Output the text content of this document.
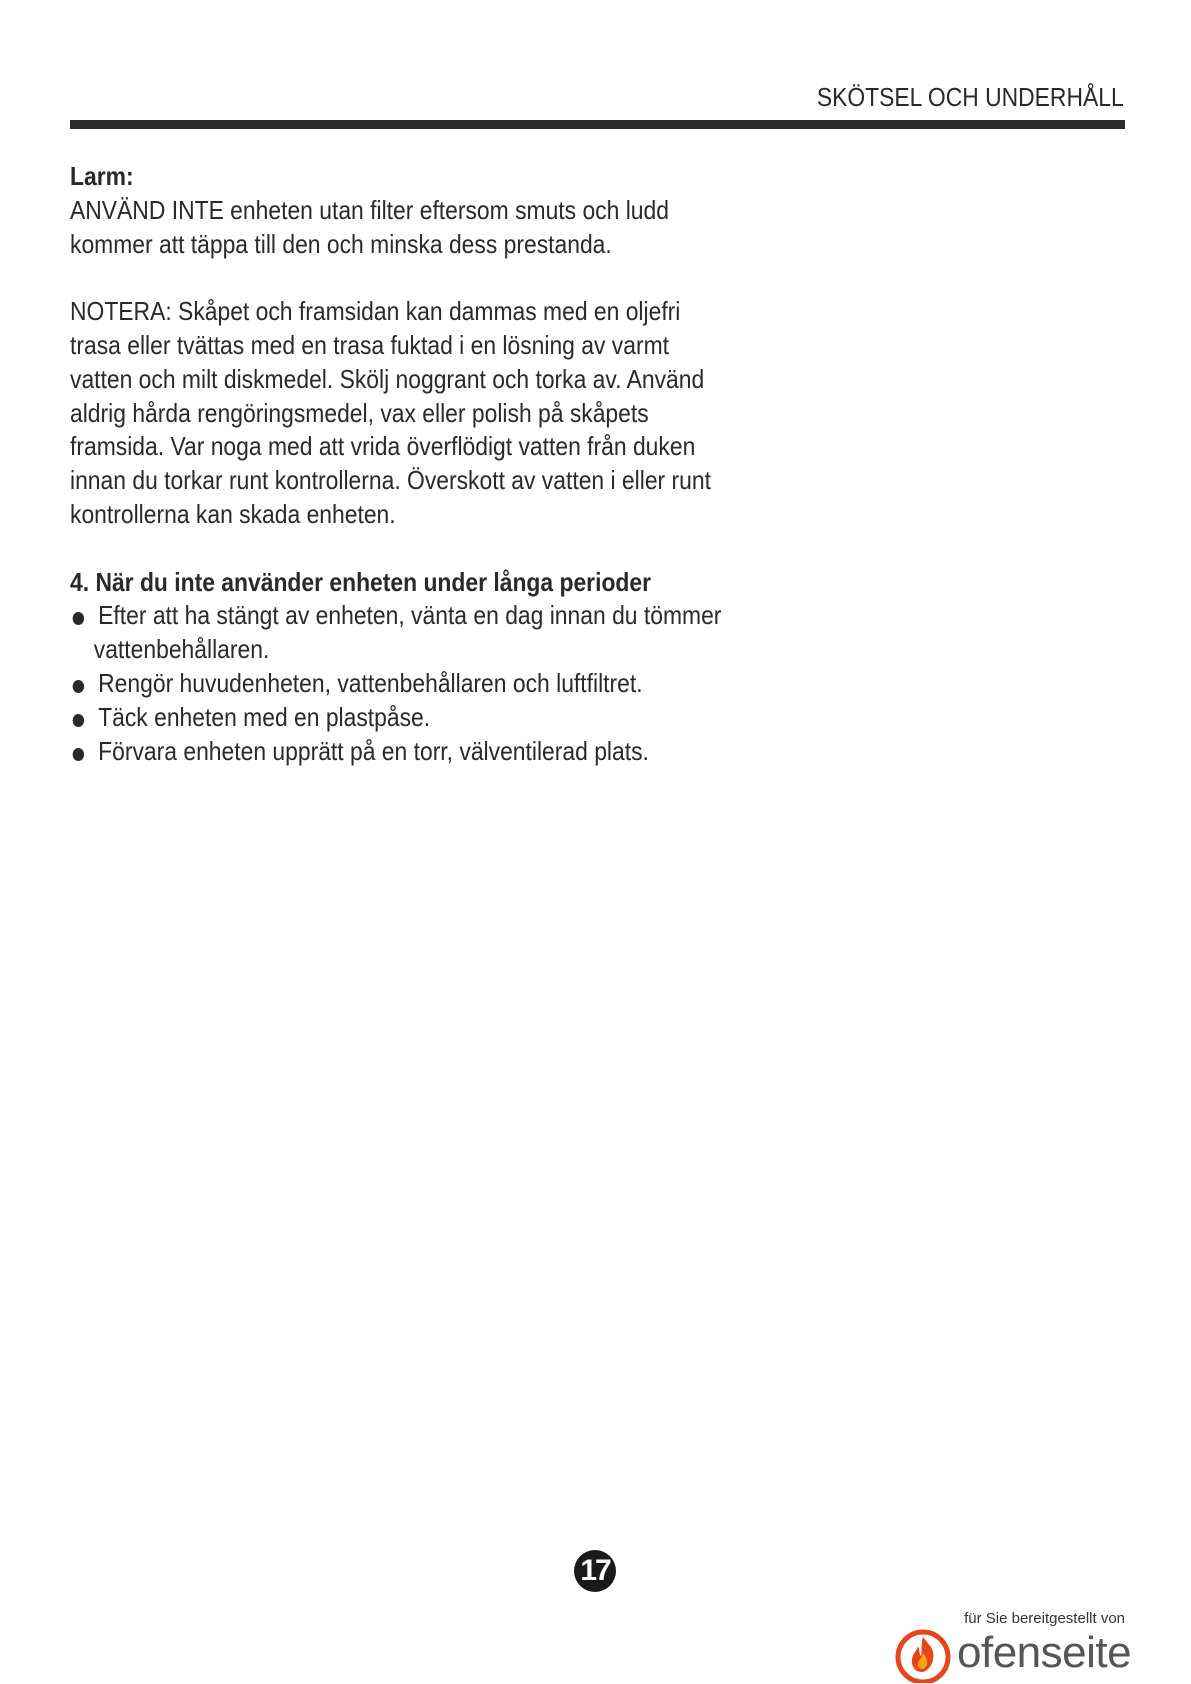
SKÖTSEL OCH UNDERHÅLL

Larm:

ANVÄND INTE enheten utan filter eftersom smuts och ludd

kommer att täppa till den och minska dess prestanda.

NOTERA: Skåpet och framsidan kan dammas med en oljefri

trasa eller tvättas med en trasa fuktad i en lösning av varmt

vatten och milt diskmedel. Skölj noggrant och torka av. Använd

aldrig hårda rengöringsmedel, vax eller polish på skåpets

framsida. Var noga med att vrida överflödigt vatten från duken

innan du torkar runt kontrollerna. Överskott av vatten i eller runt

kontrollerna kan skada enheten.

4. När du inte använder enheten under långa perioder

Efter att ha stängt av enheten, vänta en dag innan du tömmer
vattenbehållaren.
Rengör huvudenheten, vattenbehållaren och luftfiltret.
Täck enheten med en plastpåse.
Förvara enheten upprätt på en torr, välventilerad plats.
17
für Sie bereitgestellt von
ofenseite
